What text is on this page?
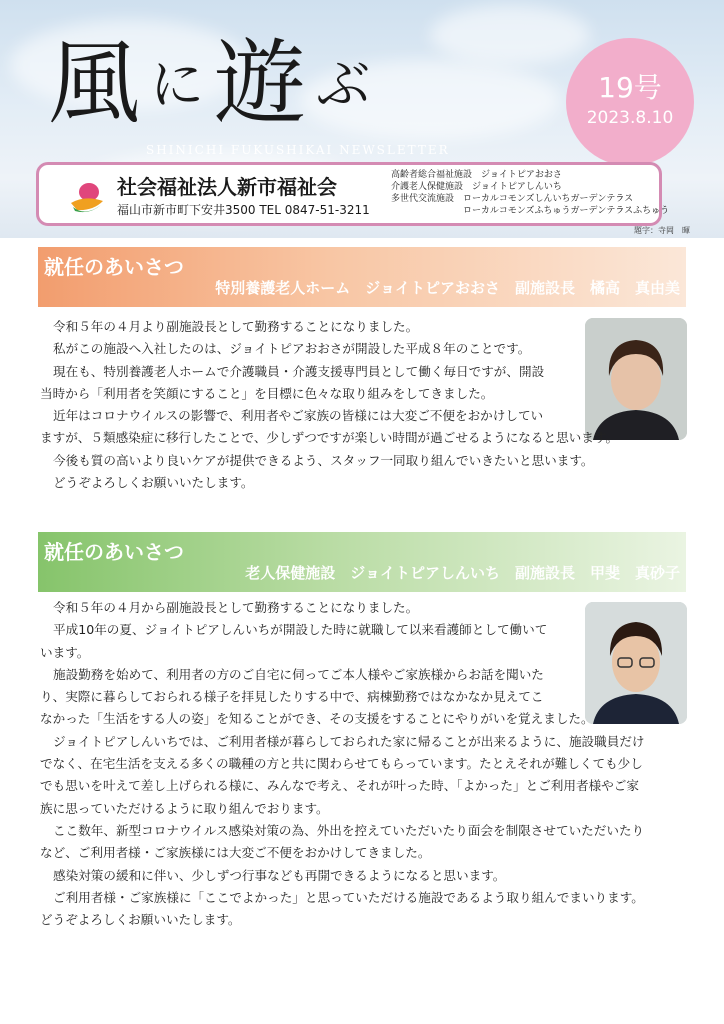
風に遊ぶ
SHINICHI FUKUSHIKAI NEWSLETTER
19号
2023.8.10
社会福祉法人新市福祉会
福山市新市町下安井3500 TEL 0847-51-3211
高齢者総合福祉施設　ジョイトピアおおさ
介護老人保健施設　ジョイトピアしんいち
多世代交流施設　ローカルコモンズしんいちガーデンテラス
　　　　　　　　ローカルコモンズふちゅうガーデンテラスふちゅう
題字：寺岡　暉
就任のあいさつ
特別養護老人ホーム　ジョイトピアおおさ　副施設長　橘高　真由美

令和５年の４月より副施設長として勤務することになりました。

私がこの施設へ入社したのは、ジョイトピアおおさが開設した平成８年のことです。

現在も、特別養護老人ホームで介護職員・介護支援専門員として働く毎日ですが、開設

当時から「利用者を笑顔にすること」を目標に色々な取り組みをしてきました。

近年はコロナウイルスの影響で、利用者やご家族の皆様には大変ご不便をおかけしてい

ますが、５類感染症に移行したことで、少しずつですが楽しい時間が過ごせるようになると思います。

今後も質の高いより良いケアが提供できるよう、スタッフ一同取り組んでいきたいと思います。

どうぞよろしくお願いいたします。

就任のあいさつ
老人保健施設　ジョイトピアしんいち　副施設長　甲斐　真砂子

令和５年の４月から副施設長として勤務することになりました。

平成10年の夏、ジョイトピアしんいちが開設した時に就職して以来看護師として働いて

います。

施設勤務を始めて、利用者の方のご自宅に伺ってご本人様やご家族様からお話を聞いた

り、実際に暮らしておられる様子を拝見したりする中で、病棟勤務ではなかなか見えてこ

なかった「生活をする人の姿」を知ることができ、その支援をすることにやりがいを覚えました。

ジョイトピアしんいちでは、ご利用者様が暮らしておられた家に帰ることが出来るように、施設職員だけ

でなく、在宅生活を支える多くの職種の方と共に関わらせてもらっています。たとえそれが難しくても少し

でも思いを叶えて差し上げられる様に、みんなで考え、それが叶った時、「よかった」とご利用者様やご家

族に思っていただけるように取り組んでおります。

ここ数年、新型コロナウイルス感染対策の為、外出を控えていただいたり面会を制限させていただいたり

など、ご利用者様・ご家族様には大変ご不便をおかけしてきました。

感染対策の緩和に伴い、少しずつ行事なども再開できるようになると思います。

ご利用者様・ご家族様に「ここでよかった」と思っていただける施設であるよう取り組んでまいります。

どうぞよろしくお願いいたします。
